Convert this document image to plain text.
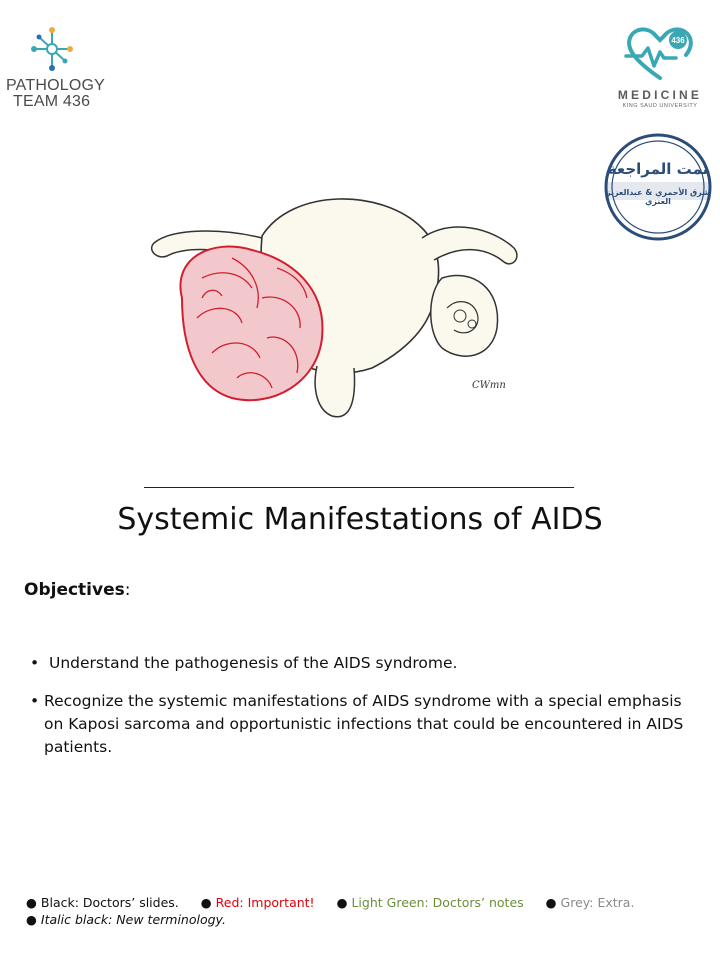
PATHOLOGY
TEAM 436
436
MEDICINE
KING SAUD UNIVERSITY
تمت المراجعة
شرق الأحمري & عبدالعزيز العنزي
CWmn
Systemic Manifestations of AIDS
Objectives:
• Understand the pathogenesis of the AIDS syndrome.
• Recognize the systemic manifestations of AIDS syndrome with a special emphasis on Kaposi sarcoma and opportunistic infections that could be encountered in AIDS patients.
● Black: Doctors’ slides. ● Red: Important! ● Light Green: Doctors’ notes ● Grey: Extra.
● Italic black: New terminology.
